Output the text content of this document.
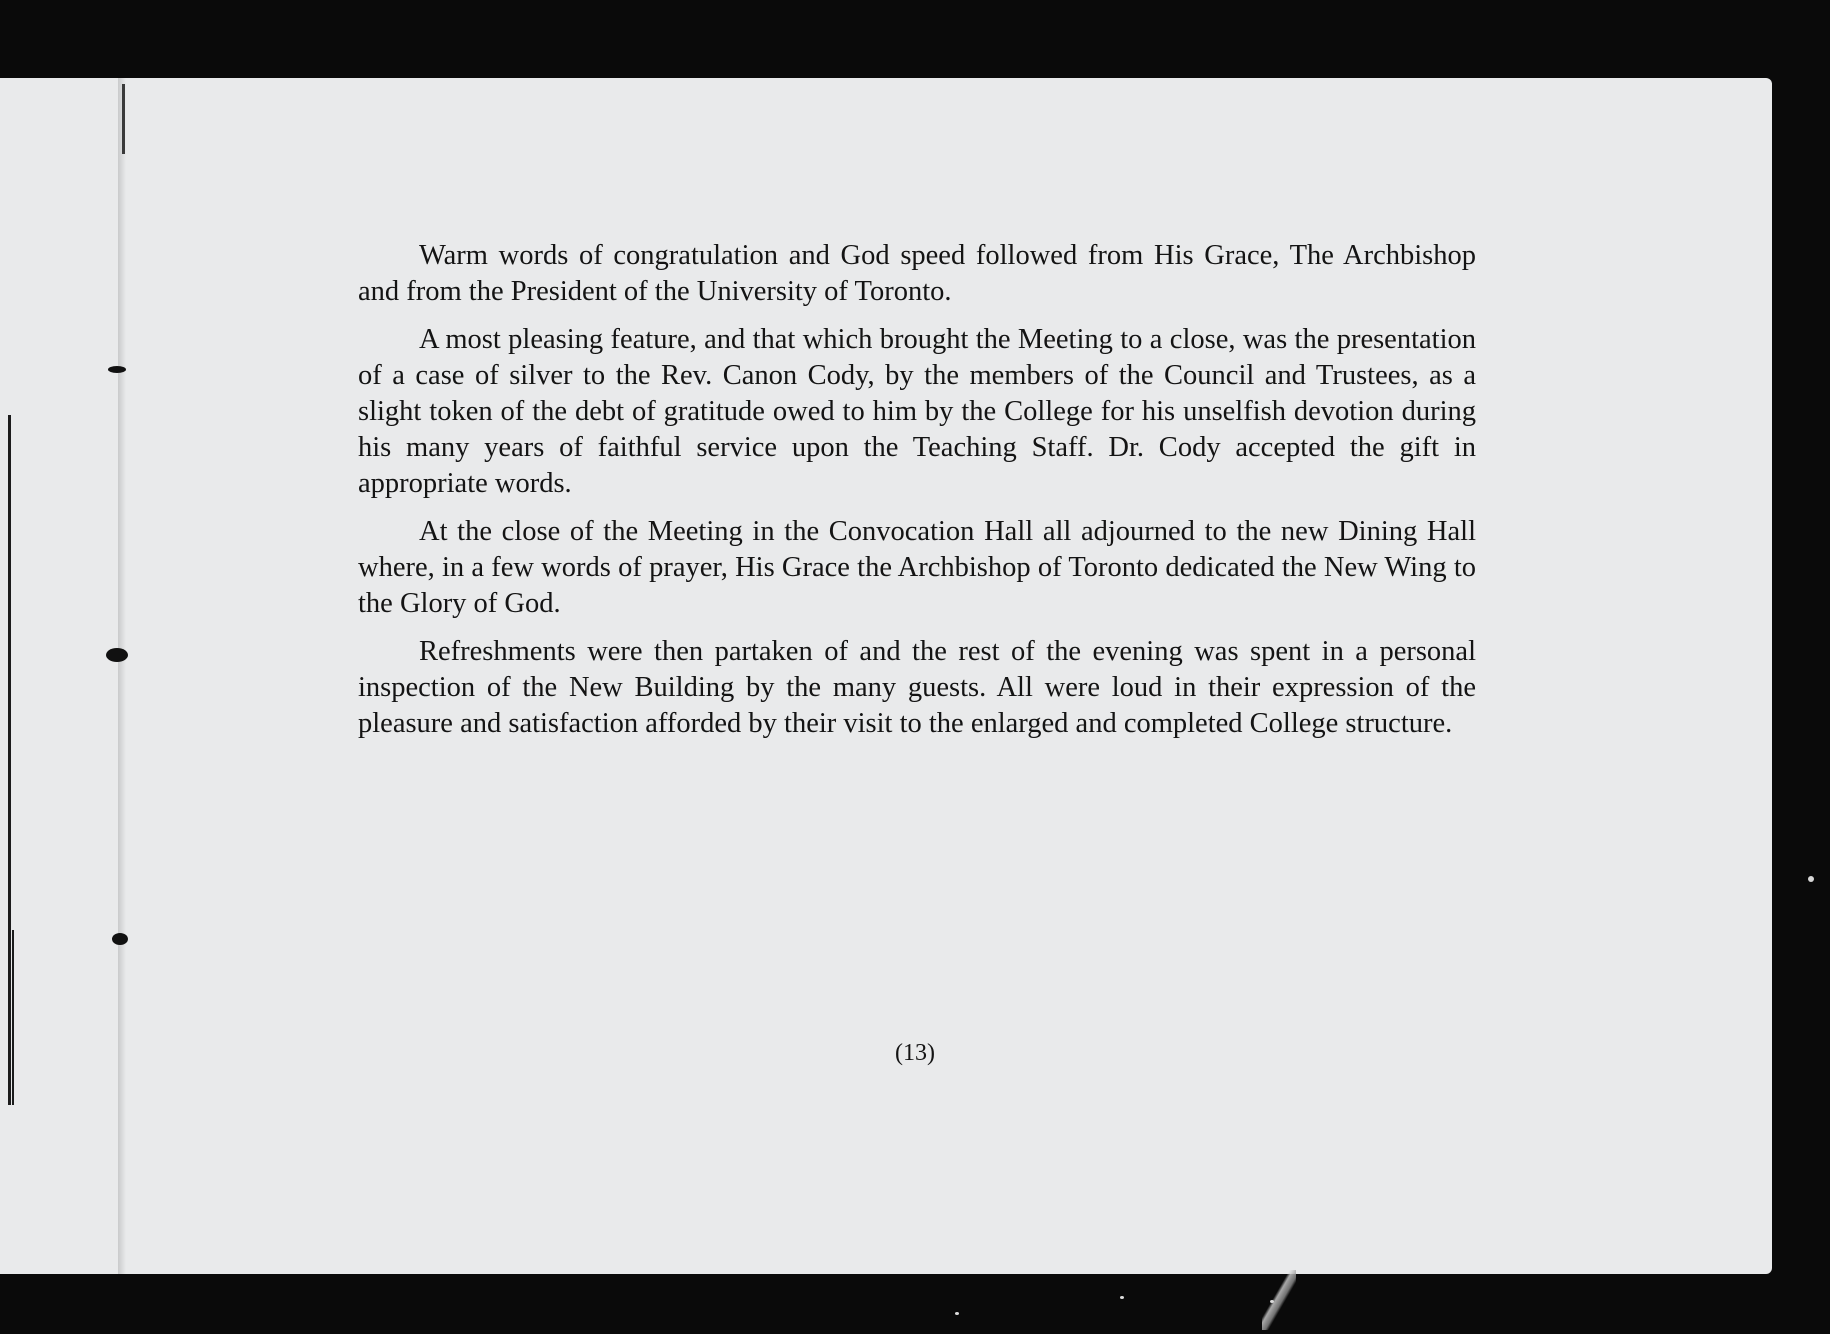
Warm words of congratulation and God speed followed from His Grace, The Archbishop and from the President of the University of Toronto.

A most pleasing feature, and that which brought the Meeting to a close, was the presentation of a case of silver to the Rev. Canon Cody, by the members of the Council and Trustees, as a slight token of the debt of gratitude owed to him by the College for his unselfish devotion during his many years of faithful service upon the Teaching Staff. Dr. Cody accepted the gift in appropriate words.

At the close of the Meeting in the Convocation Hall all adjourned to the new Dining Hall where, in a few words of prayer, His Grace the Archbishop of Toronto dedicated the New Wing to the Glory of God.

Refreshments were then partaken of and the rest of the evening was spent in a personal inspection of the New Building by the many guests. All were loud in their expression of the pleasure and satisfaction afforded by their visit to the enlarged and completed College structure.

(13)
